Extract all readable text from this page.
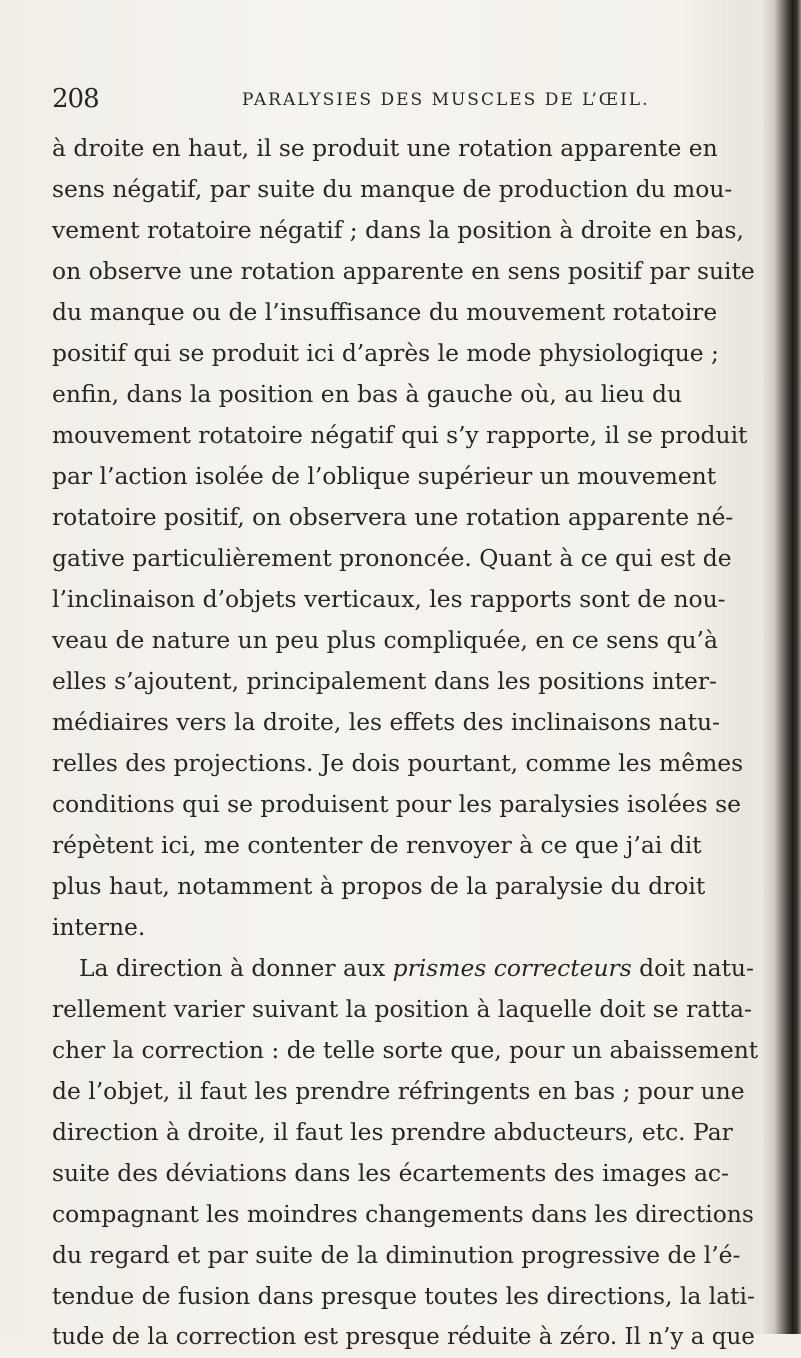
208	PARALYSIES DES MUSCLES DE L’ŒIL.
à droite en haut, il se produit une rotation apparente en
sens négatif, par suite du manque de production du mou-
vement rotatoire négatif ; dans la position à droite en bas,
on observe une rotation apparente en sens positif par suite
du manque ou de l’insuffisance du mouvement rotatoire
positif qui se produit ici d’après le mode physiologique ;
enfin, dans la position en bas à gauche où, au lieu du
mouvement rotatoire négatif qui s’y rapporte, il se produit
par l’action isolée de l’oblique supérieur un mouvement
rotatoire positif, on observera une rotation apparente né-
gative particulièrement prononcée. Quant à ce qui est de
l’inclinaison d’objets verticaux, les rapports sont de nou-
veau de nature un peu plus compliquée, en ce sens qu’à
elles s’ajoutent, principalement dans les positions inter-
médiaires vers la droite, les effets des inclinaisons natu-
relles des projections. Je dois pourtant, comme les mêmes
conditions qui se produisent pour les paralysies isolées se
répètent ici, me contenter de renvoyer à ce que j’ai dit
plus haut, notamment à propos de la paralysie du droit
interne.
La direction à donner aux prismes correcteurs doit natu-
rellement varier suivant la position à laquelle doit se ratta-
cher la correction : de telle sorte que, pour un abaissement
de l’objet, il faut les prendre réfringents en bas ; pour une
direction à droite, il faut les prendre abducteurs, etc. Par
suite des déviations dans les écartements des images ac-
compagnant les moindres changements dans les directions
du regard et par suite de la diminution progressive de l’é-
tendue de fusion dans presque toutes les directions, la lati-
tude de la correction est presque réduite à zéro. Il n’y a que
